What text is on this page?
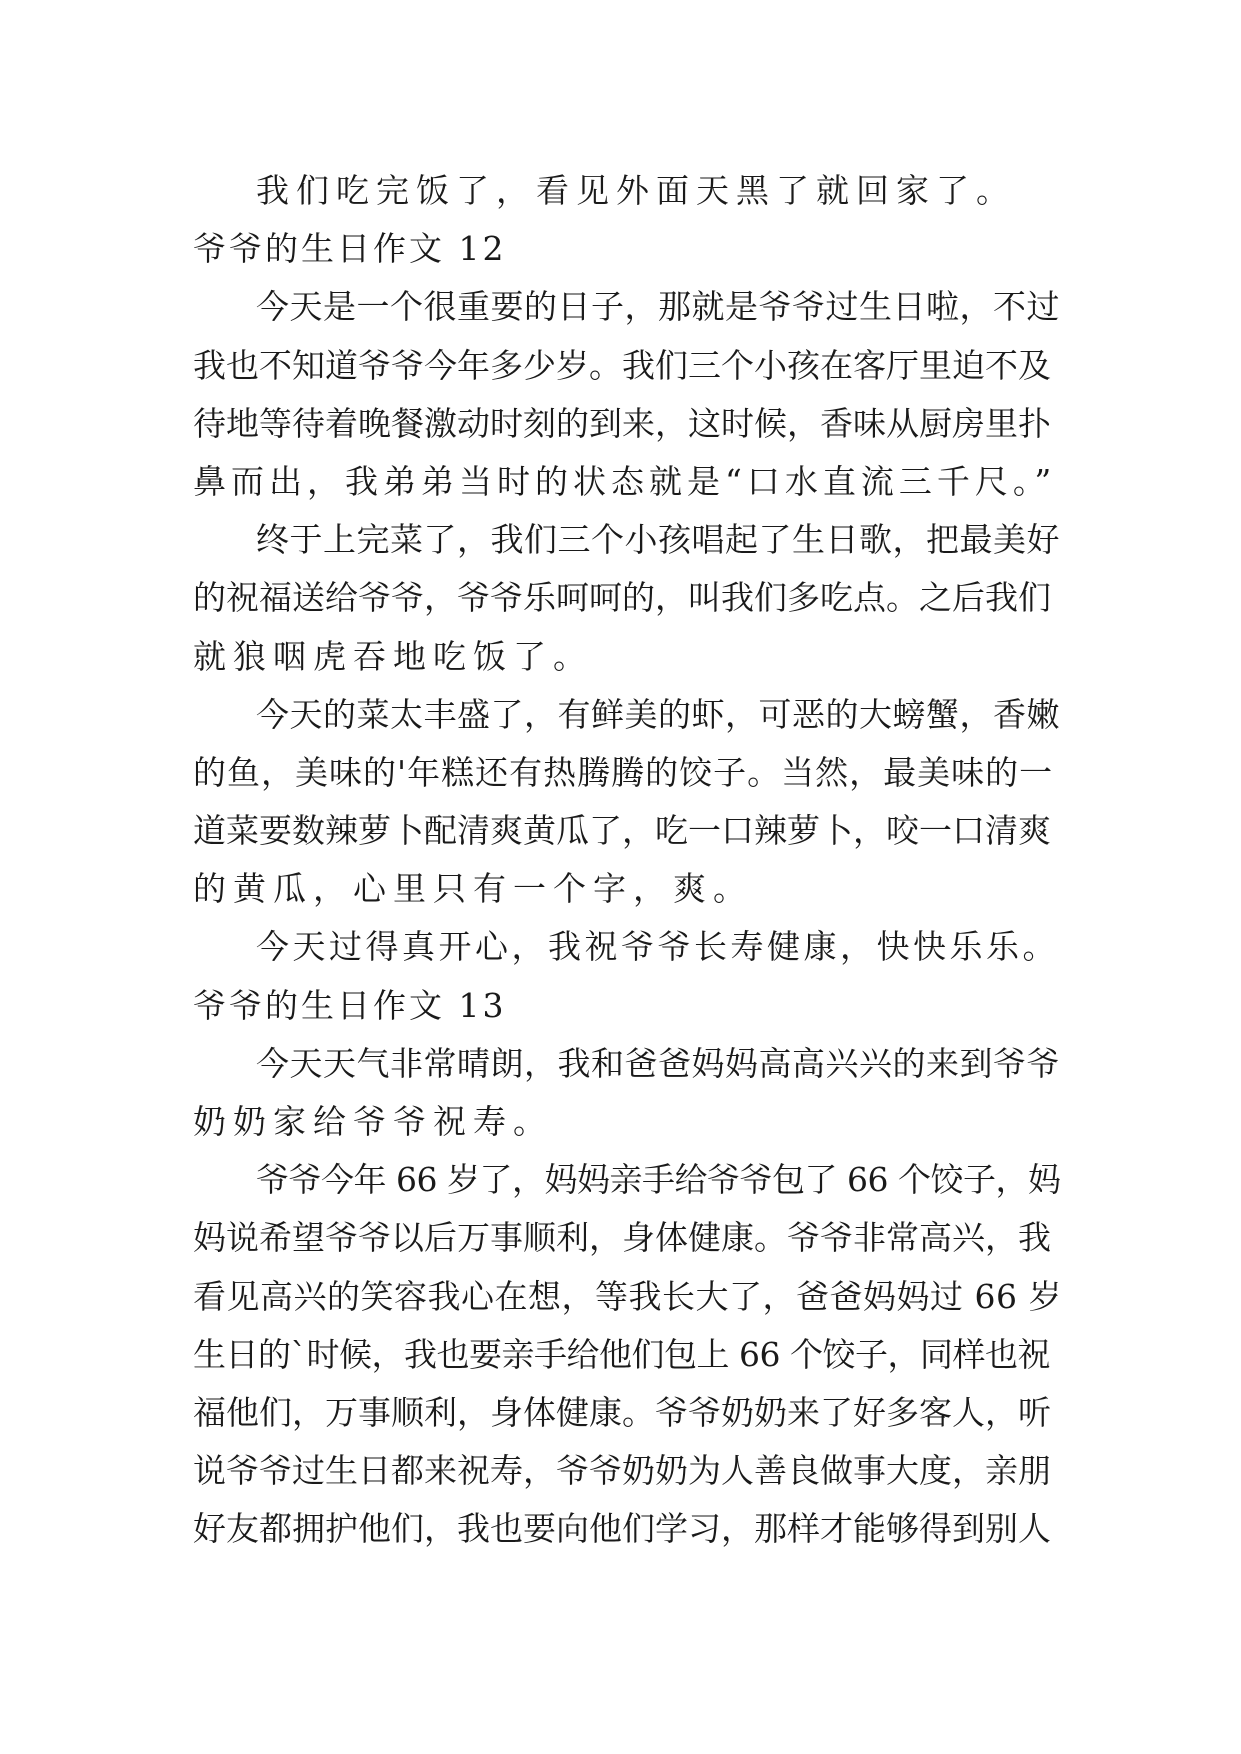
我们吃完饭了，看见外面天黑了就回家了。
爷爷的生日作文 12
今天是一个很重要的日子，那就是爷爷过生日啦，不过
我也不知道爷爷今年多少岁。我们三个小孩在客厅里迫不及
待地等待着晚餐激动时刻的到来，这时候，香味从厨房里扑
鼻而出，我弟弟当时的状态就是“口水直流三千尺。”
终于上完菜了，我们三个小孩唱起了生日歌，把最美好
的祝福送给爷爷，爷爷乐呵呵的，叫我们多吃点。之后我们
就狼咽虎吞地吃饭了。
今天的菜太丰盛了，有鲜美的虾，可恶的大螃蟹，香嫩
的鱼，美味的'年糕还有热腾腾的饺子。当然，最美味的一
道菜要数辣萝卜配清爽黄瓜了，吃一口辣萝卜，咬一口清爽
的黄瓜，心里只有一个字，爽。
今天过得真开心，我祝爷爷长寿健康，快快乐乐。
爷爷的生日作文 13
今天天气非常晴朗，我和爸爸妈妈高高兴兴的来到爷爷
奶奶家给爷爷祝寿。
爷爷今年 66 岁了，妈妈亲手给爷爷包了 66 个饺子，妈
妈说希望爷爷以后万事顺利，身体健康。爷爷非常高兴，我
看见高兴的笑容我心在想，等我长大了，爸爸妈妈过 66 岁
生日的`时候，我也要亲手给他们包上 66 个饺子，同样也祝
福他们，万事顺利，身体健康。爷爷奶奶来了好多客人，听
说爷爷过生日都来祝寿，爷爷奶奶为人善良做事大度，亲朋
好友都拥护他们，我也要向他们学习，那样才能够得到别人
